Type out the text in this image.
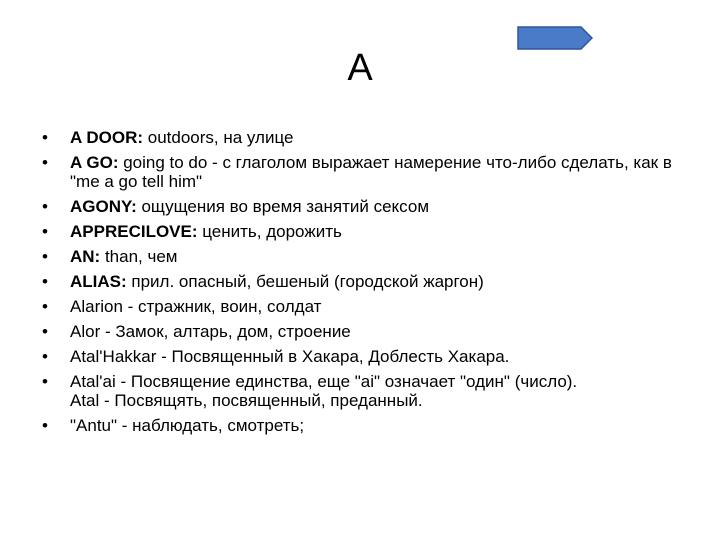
A
•	A DOOR: outdoors, на улице
•	A GO: going to do - с глаголом выражает намерение что-либо сделать, как в "me a go tell him"
•	AGONY: ощущения во время занятий сексом
•	APPRECILOVE: ценить, дорожить
•	AN: than, чем
•	ALIAS: прил. опасный, бешеный (городской жаргон)
•	Alarion - стражник, воин, солдат
•	Alor - Замок, алтарь, дом, строение
•	Atal'Hakkar - Посвященный в Хакара, Доблесть Хакара.
•	Atal'ai - Посвящение единства, еще "ai" означает "один" (число).
Atal - Посвящять, посвященный, преданный.
•	"Antu" - наблюдать, смотреть;
